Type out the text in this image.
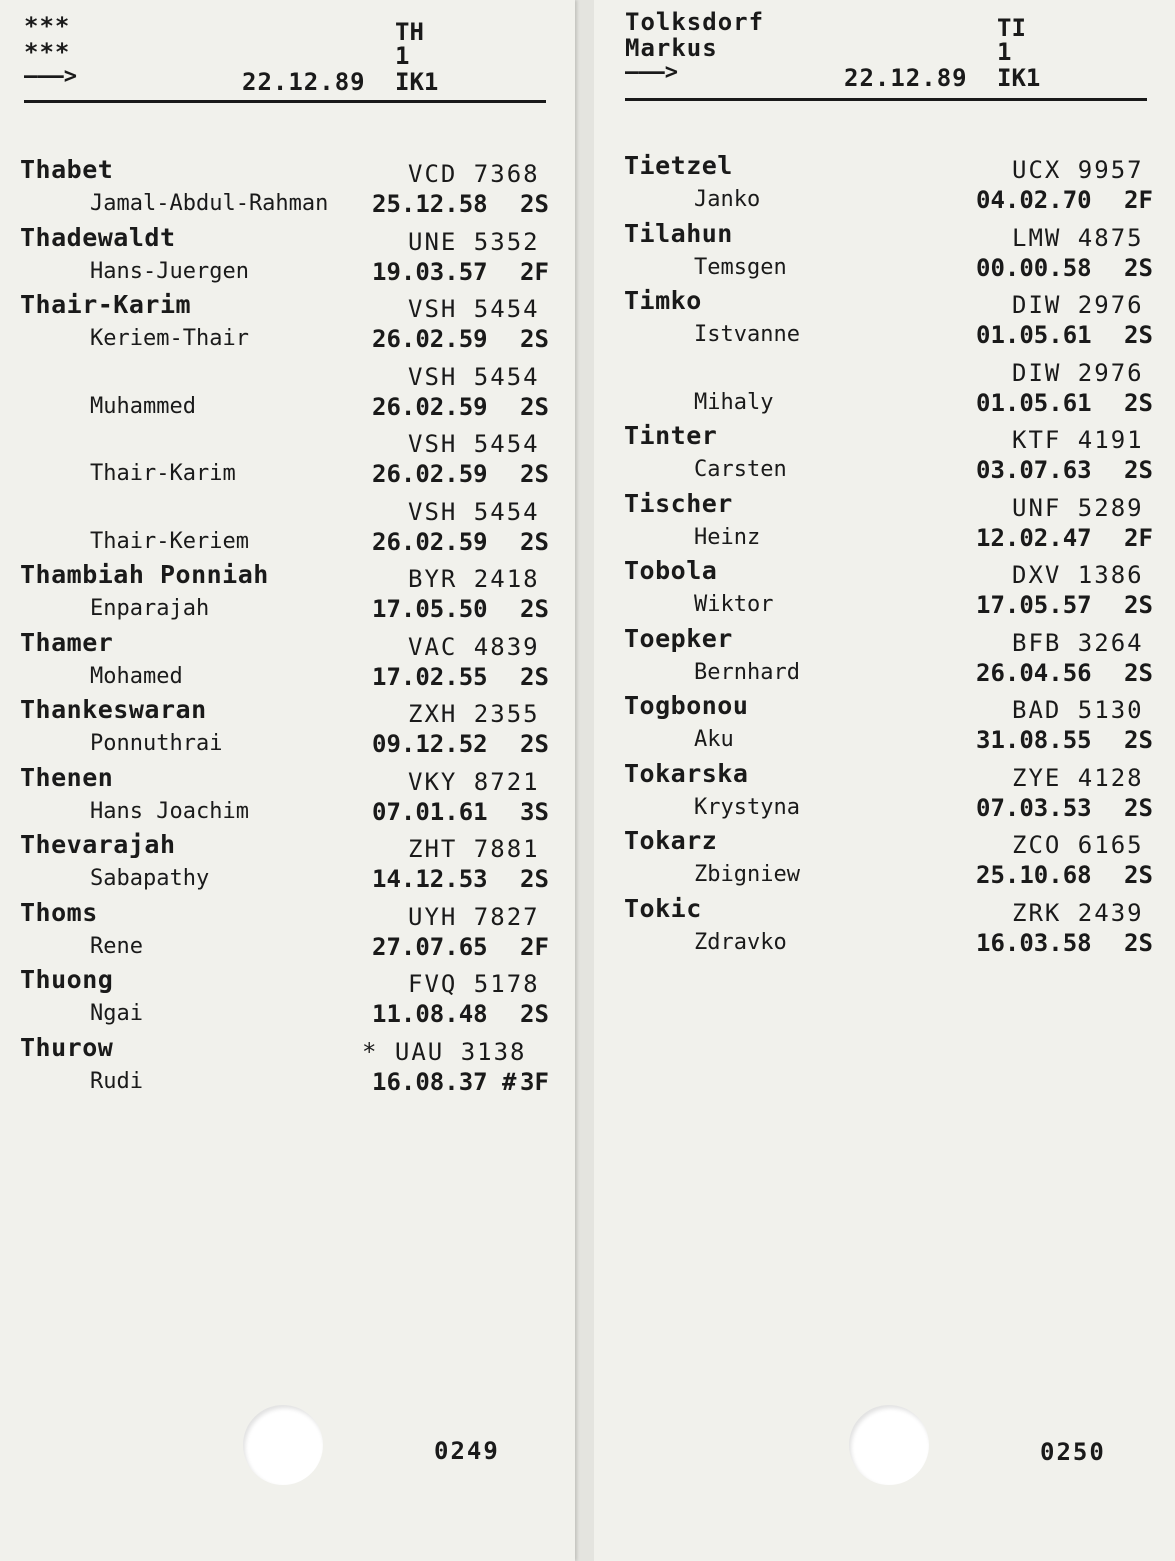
***
***
———>
TH
1
22.12.89 IK1
Thabet	VCD 7368
Jamal-Abdul-Rahman 25.12.58 2S
Thadewaldt	UNE 5352
Hans-Juergen	19.03.57 2F
Thair-Karim	VSH 5454
Keriem-Thair	26.02.59 2S
VSH 5454
Muhammed	26.02.59 2S
VSH 5454
Thair-Karim	26.02.59 2S
VSH 5454
Thair-Keriem	26.02.59 2S
Thambiah Ponniah	BYR 2418
Enparajah	17.05.50 2S
Thamer	VAC 4839
Mohamed	17.02.55 2S
Thankeswaran	ZXH 2355
Ponnuthrai	09.12.52 2S
Thenen	VKY 8721
Hans Joachim	07.01.61 3S
Thevarajah	ZHT 7881
Sabapathy	14.12.53 2S
Thoms	UYH 7827
Rene	27.07.65 2F
Thuong	FVQ 5178
Ngai	11.08.48 2S
Thurow	* UAU 3138
Rudi	16.08.37 # 3F
0249
Tolksdorf
Markus
———>
TI
1
22.12.89 IK1
Tietzel	UCX 9957
Janko	04.02.70 2F
Tilahun	LMW 4875
Temsgen	00.00.58 2S
Timko	DIW 2976
Istvanne	01.05.61 2S
DIW 2976
Mihaly	01.05.61 2S
Tinter	KTF 4191
Carsten	03.07.63 2S
Tischer	UNF 5289
Heinz	12.02.47 2F
Tobola	DXV 1386
Wiktor	17.05.57 2S
Toepker	BFB 3264
Bernhard	26.04.56 2S
Togbonou	BAD 5130
Aku	31.08.55 2S
Tokarska	ZYE 4128
Krystyna	07.03.53 2S
Tokarz	ZCO 6165
Zbigniew	25.10.68 2S
Tokic	ZRK 2439
Zdravko	16.03.58 2S
0250
